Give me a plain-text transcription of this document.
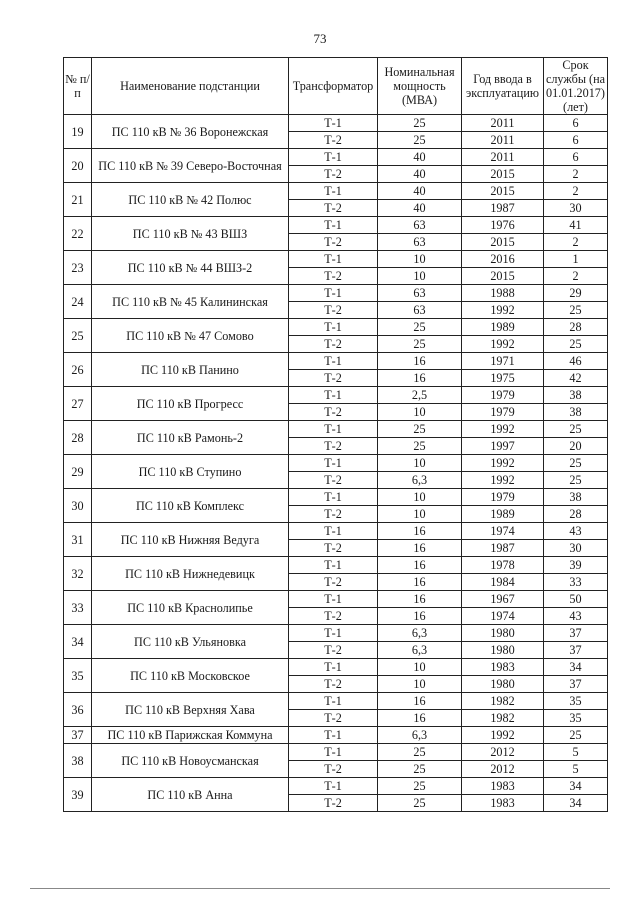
73
№ п/п	Наименование подстанции	Трансформатор	Номинальная мощность (МВА)	Год ввода в эксплуатацию	Срок службы (на 01.01.2017) (лет)
19	ПС 110 кВ № 36 Воронежская	Т-1	25	2011	6
		Т-2	25	2011	6
20	ПС 110 кВ № 39 Северо-Восточная	Т-1	40	2011	6
		Т-2	40	2015	2
21	ПС 110 кВ № 42 Полюс	Т-1	40	2015	2
		Т-2	40	1987	30
22	ПС 110 кВ № 43 ВШЗ	Т-1	63	1976	41
		Т-2	63	2015	2
23	ПС 110 кВ № 44 ВШЗ-2	Т-1	10	2016	1
		Т-2	10	2015	2
24	ПС 110 кВ № 45 Калининская	Т-1	63	1988	29
		Т-2	63	1992	25
25	ПС 110 кВ № 47 Сомово	Т-1	25	1989	28
		Т-2	25	1992	25
26	ПС 110 кВ Панино	Т-1	16	1971	46
		Т-2	16	1975	42
27	ПС 110 кВ Прогресс	Т-1	2,5	1979	38
		Т-2	10	1979	38
28	ПС 110 кВ Рамонь-2	Т-1	25	1992	25
		Т-2	25	1997	20
29	ПС 110 кВ Ступино	Т-1	10	1992	25
		Т-2	6,3	1992	25
30	ПС 110 кВ Комплекс	Т-1	10	1979	38
		Т-2	10	1989	28
31	ПС 110 кВ Нижняя Ведуга	Т-1	16	1974	43
		Т-2	16	1987	30
32	ПС 110 кВ Нижнедевицк	Т-1	16	1978	39
		Т-2	16	1984	33
33	ПС 110 кВ Краснолипье	Т-1	16	1967	50
		Т-2	16	1974	43
34	ПС 110 кВ Ульяновка	Т-1	6,3	1980	37
		Т-2	6,3	1980	37
35	ПС 110 кВ Московское	Т-1	10	1983	34
		Т-2	10	1980	37
36	ПС 110 кВ Верхняя Хава	Т-1	16	1982	35
		Т-2	16	1982	35
37	ПС 110 кВ Парижская Коммуна	Т-1	6,3	1992	25
38	ПС 110 кВ Новоусманская	Т-1	25	2012	5
		Т-2	25	2012	5
39	ПС 110 кВ Анна	Т-1	25	1983	34
		Т-2	25	1983	34
